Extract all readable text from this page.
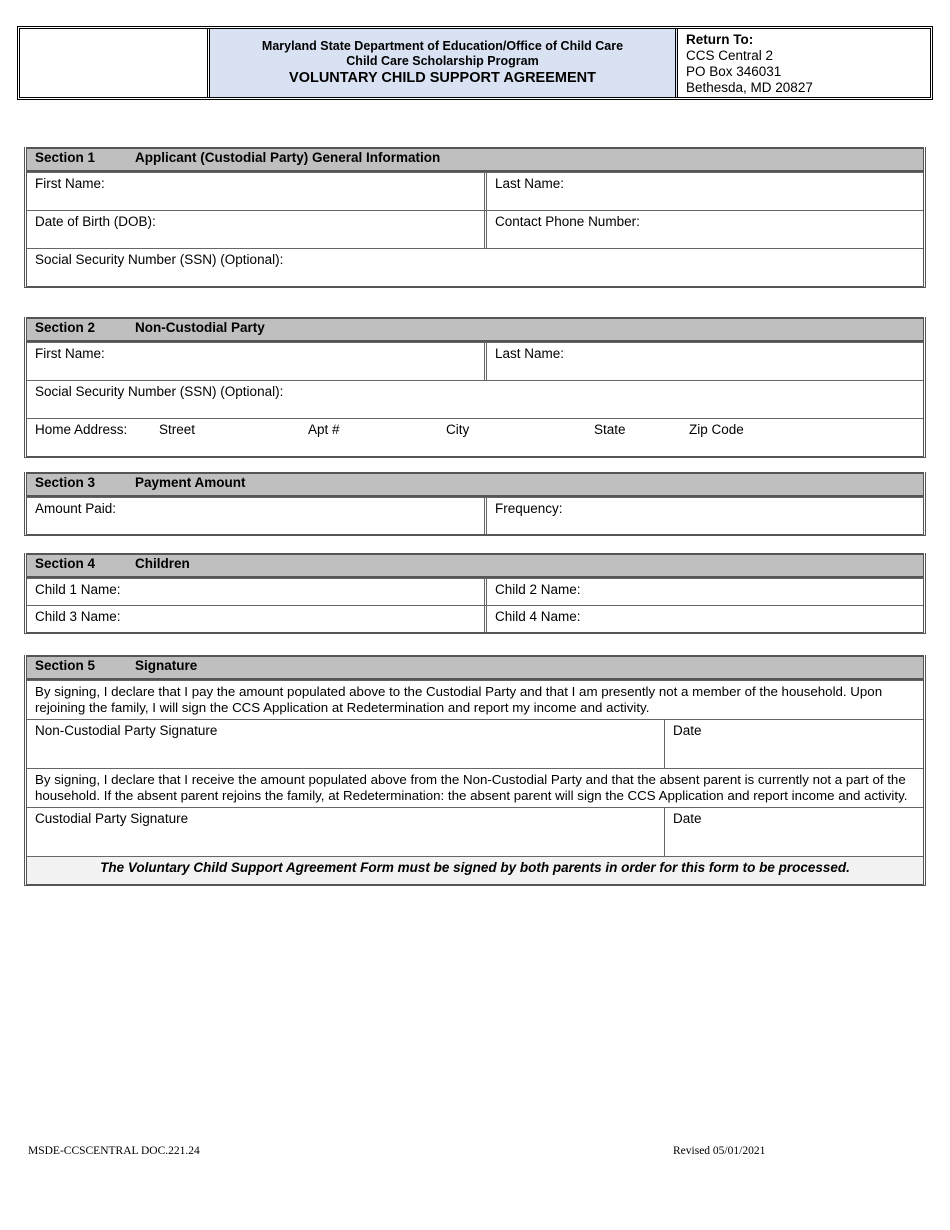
Maryland State Department of Education/Office of Child Care
Child Care Scholarship Program
VOLUNTARY CHILD SUPPORT AGREEMENT
Return To:
CCS Central 2
PO Box 346031
Bethesda, MD 20827
Section 1	Applicant (Custodial Party) General Information
First Name:	Last Name:
Date of Birth (DOB):	Contact Phone Number:
Social Security Number (SSN) (Optional):
Section 2	Non-Custodial Party
First Name:	Last Name:
Social Security Number (SSN) (Optional):
Home Address: Street	Apt #	City	State	Zip Code
Section 3	Payment Amount
Amount Paid:	Frequency:
Section 4	Children
Child 1 Name:	Child 2 Name:
Child 3 Name:	Child 4 Name:
Section 5	Signature
By signing, I declare that I pay the amount populated above to the Custodial Party and that I am presently not a member of the household. Upon rejoining the family, I will sign the CCS Application at Redetermination and report my income and activity.
Non-Custodial Party Signature	Date
By signing, I declare that I receive the amount populated above from the Non-Custodial Party and that the absent parent is currently not a part of the household. If the absent parent rejoins the family, at Redetermination: the absent parent will sign the CCS Application and report income and activity.
Custodial Party Signature	Date
The Voluntary Child Support Agreement Form must be signed by both parents in order for this form to be processed.
MSDE-CCSCENTRAL DOC.221.24	Revised 05/01/2021
